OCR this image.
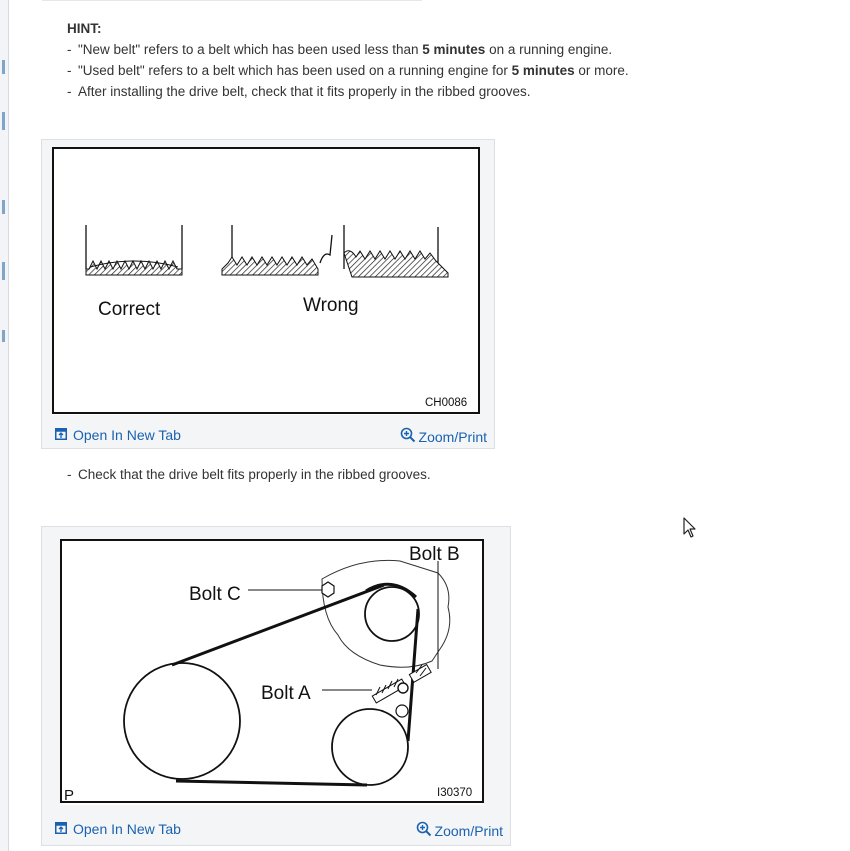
HINT:
- "New belt" refers to a belt which has been used less than 5 minutes on a running engine.
- "Used belt" refers to a belt which has been used on a running engine for 5 minutes or more.
- After installing the drive belt, check that it fits properly in the ribbed grooves.
Correct	Wrong
CH0086
Open In New Tab	Zoom/Print
- Check that the drive belt fits properly in the ribbed grooves.
Bolt B
Bolt C
Bolt A
P	I30370
Open In New Tab	Zoom/Print
